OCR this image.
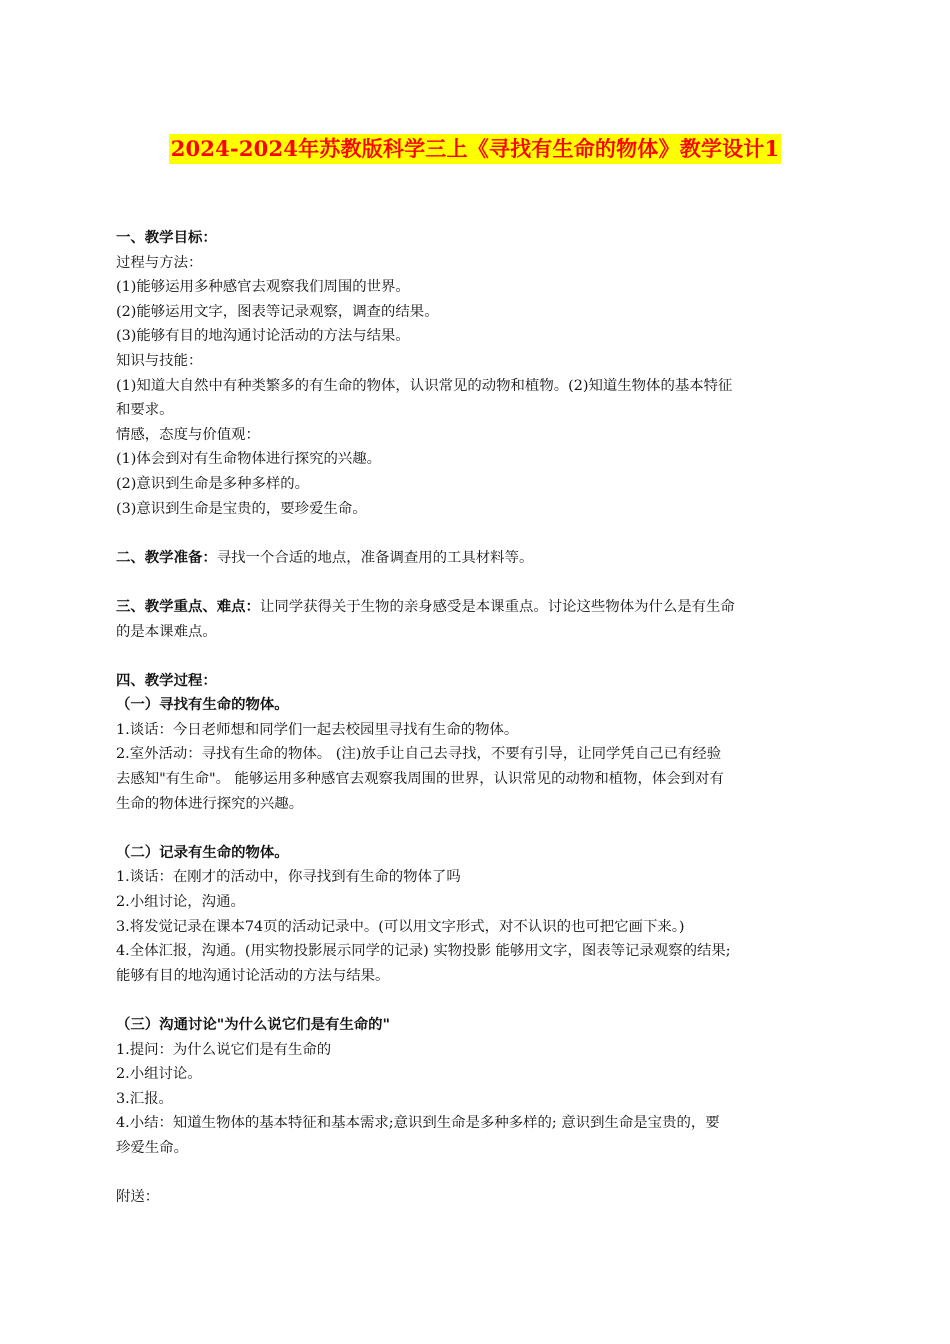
2024-2024年苏教版科学三上《寻找有生命的物体》教学设计1
一、教学目标：
过程与方法：
(1)能够运用多种感官去观察我们周围的世界。
(2)能够运用文字，图表等记录观察，调查的结果。
(3)能够有目的地沟通讨论活动的方法与结果。
知识与技能：
(1)知道大自然中有种类繁多的有生命的物体，认识常见的动物和植物。(2)知道生物体的基本特征
和要求。
情感，态度与价值观：
(1)体会到对有生命物体进行探究的兴趣。
(2)意识到生命是多种多样的。
(3)意识到生命是宝贵的，要珍爱生命。
二、教学准备：寻找一个合适的地点，准备调查用的工具材料等。
三、教学重点、难点：让同学获得关于生物的亲身感受是本课重点。讨论这些物体为什么是有生命
的是本课难点。
四、教学过程：
（一）寻找有生命的物体。
1.谈话：今日老师想和同学们一起去校园里寻找有生命的物体。
2.室外活动：寻找有生命的物体。 (注)放手让自己去寻找，不要有引导，让同学凭自己已有经验
去感知"有生命"。 能够运用多种感官去观察我周围的世界，认识常见的动物和植物，体会到对有
生命的物体进行探究的兴趣。
（二）记录有生命的物体。
1.谈话：在刚才的活动中，你寻找到有生命的物体了吗
2.小组讨论，沟通。
3.将发觉记录在课本74页的活动记录中。(可以用文字形式，对不认识的也可把它画下来。)
4.全体汇报，沟通。(用实物投影展示同学的记录) 实物投影 能够用文字，图表等记录观察的结果;
能够有目的地沟通讨论活动的方法与结果。
（三）沟通讨论"为什么说它们是有生命的"
1.提问：为什么说它们是有生命的
2.小组讨论。
3.汇报。
4.小结：知道生物体的基本特征和基本需求;意识到生命是多种多样的; 意识到生命是宝贵的，要
珍爱生命。
附送：
